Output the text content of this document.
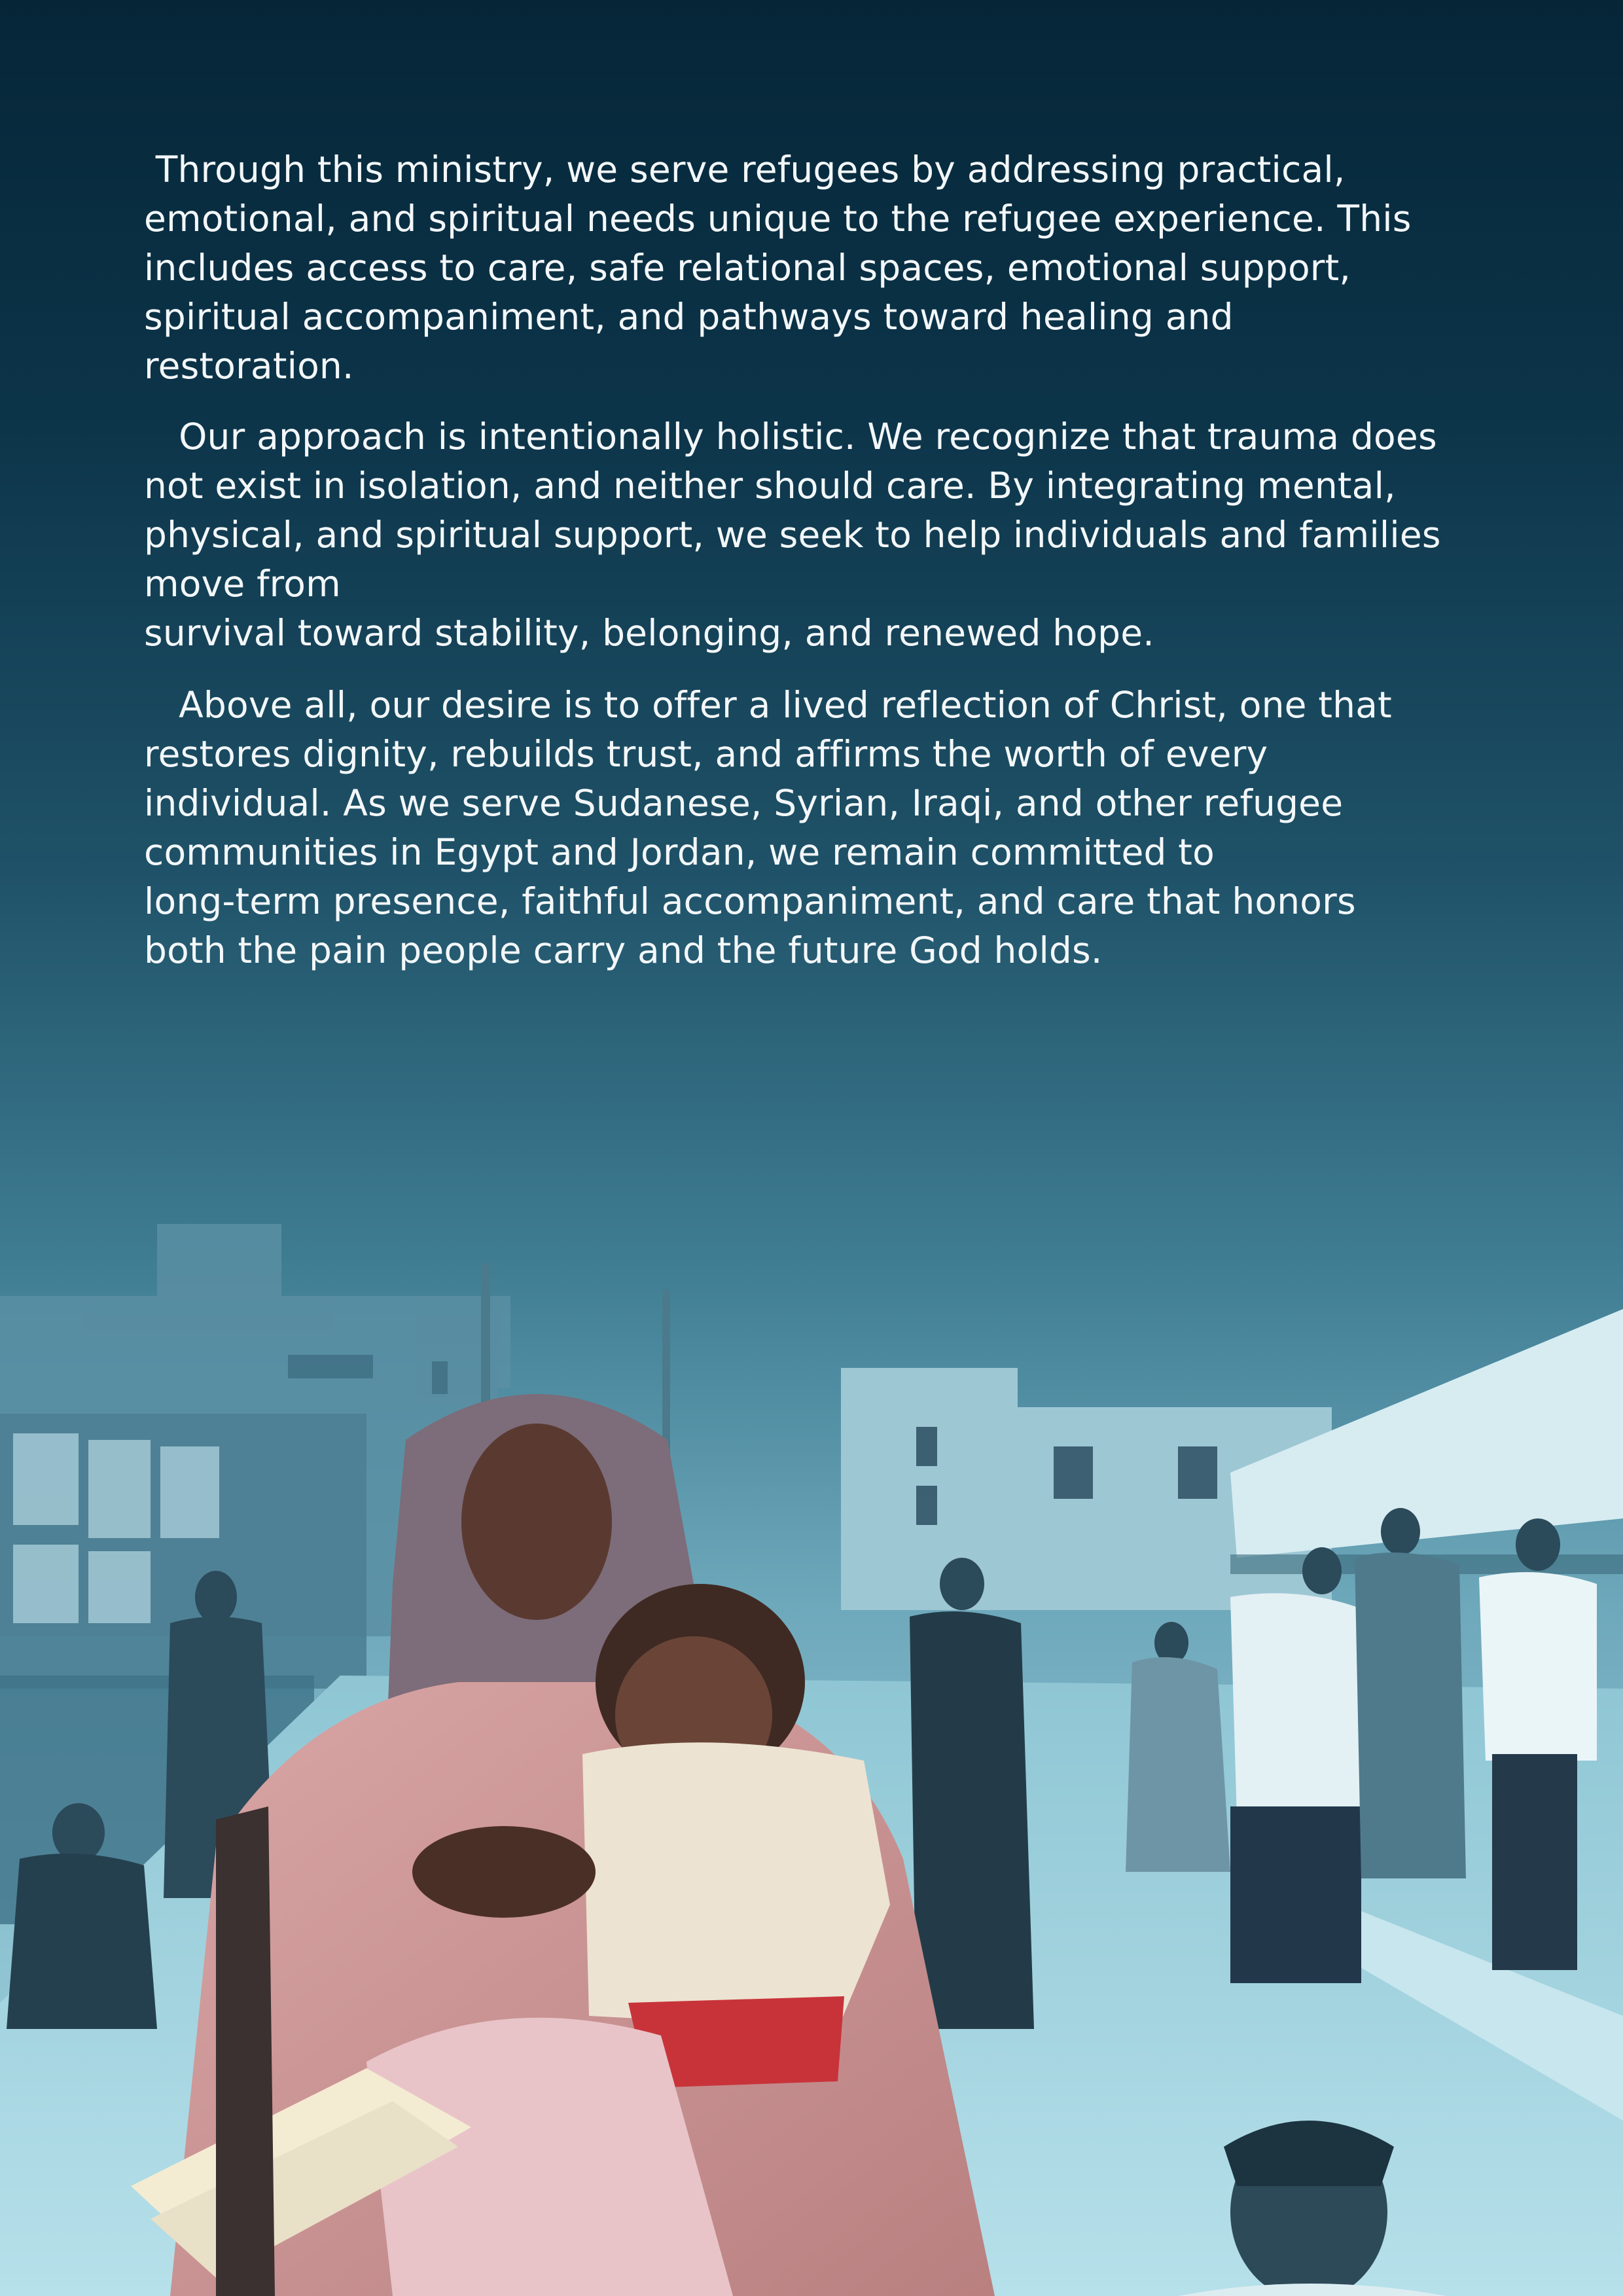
Through this ministry, we serve refugees by addressing practical,
emotional, and spiritual needs unique to the refugee experience. This
includes access to care, safe relational spaces, emotional support,
spiritual accompaniment, and pathways toward healing and
restoration.

Our approach is intentionally holistic. We recognize that trauma does
not exist in isolation, and neither should care. By integrating mental,
physical, and spiritual support, we seek to help individuals and families
move from
survival toward stability, belonging, and renewed hope.

Above all, our desire is to offer a lived reflection of Christ, one that
restores dignity, rebuilds trust, and affirms the worth of every
individual. As we serve Sudanese, Syrian, Iraqi, and other refugee
communities in Egypt and Jordan, we remain committed to
long-term presence, faithful accompaniment, and care that honors
both the pain people carry and the future God holds.
